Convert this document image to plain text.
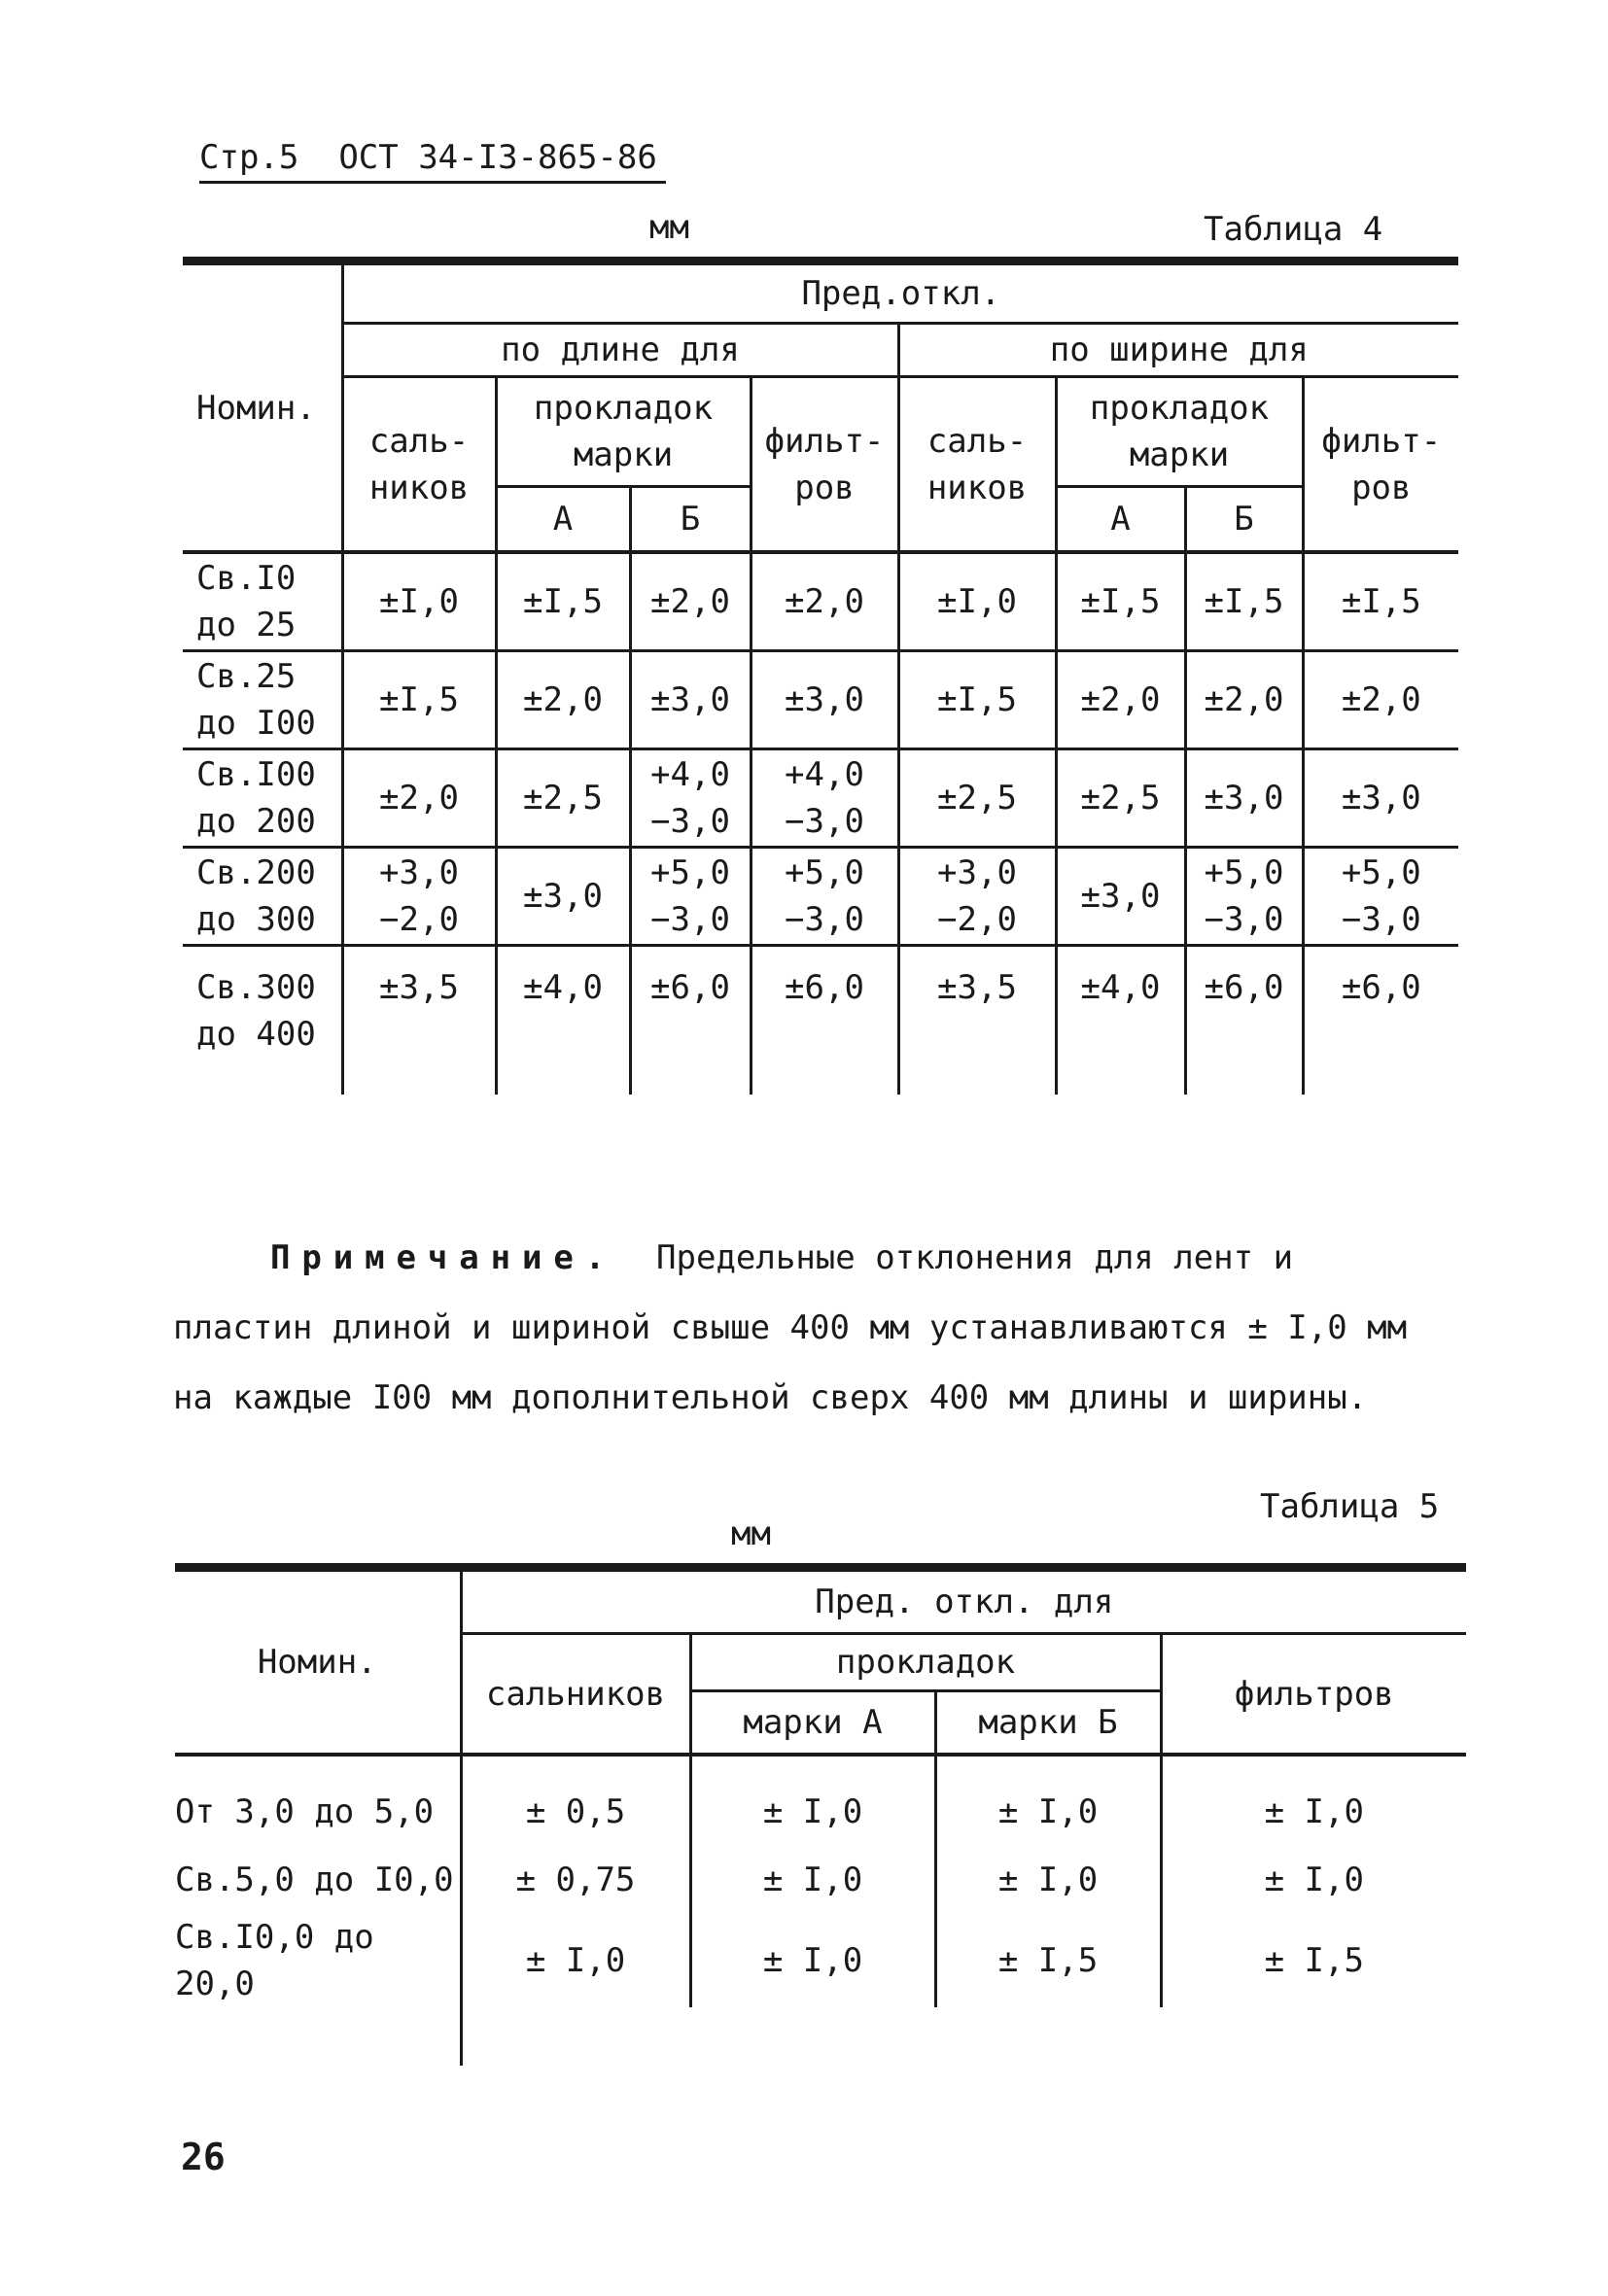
Стр.5 ОСТ 34-I3-865-86
мм	Таблица 4
Номин.	Пред.откл.							
	по длине для				по ширине для			
	саль-ников	прокладок марки		фильт-ров	саль-ников	прокладок марки		фильт-ров
		А	Б			А	Б	
Св.I0 до 25	±I,0	±I,5	±2,0	±2,0	±I,0	±I,5	±I,5	±I,5
Св.25 до I00	±I,5	±2,0	±3,0	±3,0	±I,5	±2,0	±2,0	±2,0
Св.I00 до 200	±2,0	±2,5	+4,0 −3,0	+4,0 −3,0	±2,5	±2,5	±3,0	±3,0
Св.200 до 300	+3,0 −2,0	±3,0	+5,0 −3,0	+5,0 −3,0	+3,0 −2,0	±3,0	+5,0 −3,0	+5,0 −3,0
Св.300 до 400	±3,5	±4,0	±6,0	±6,0	±3,5	±4,0	±6,0	±6,0
Примечание. Предельные отклонения для лент и
пластин длиной и шириной свыше 400 мм устанавливаются ± I,0 мм
на каждые I00 мм дополнительной сверх 400 мм длины и ширины.
Таблица 5
мм
Номин.	Пред. откл. для			
	сальников	прокладок		фильтров
		марки А	марки Б	

От 3,0 до 5,0	± 0,5	± I,0	± I,0	± I,0
Св.5,0 до I0,0	± 0,75	± I,0	± I,0	± I,0
Св.I0,0 до 20,0	± I,0	± I,0	± I,5	± I,5

26
